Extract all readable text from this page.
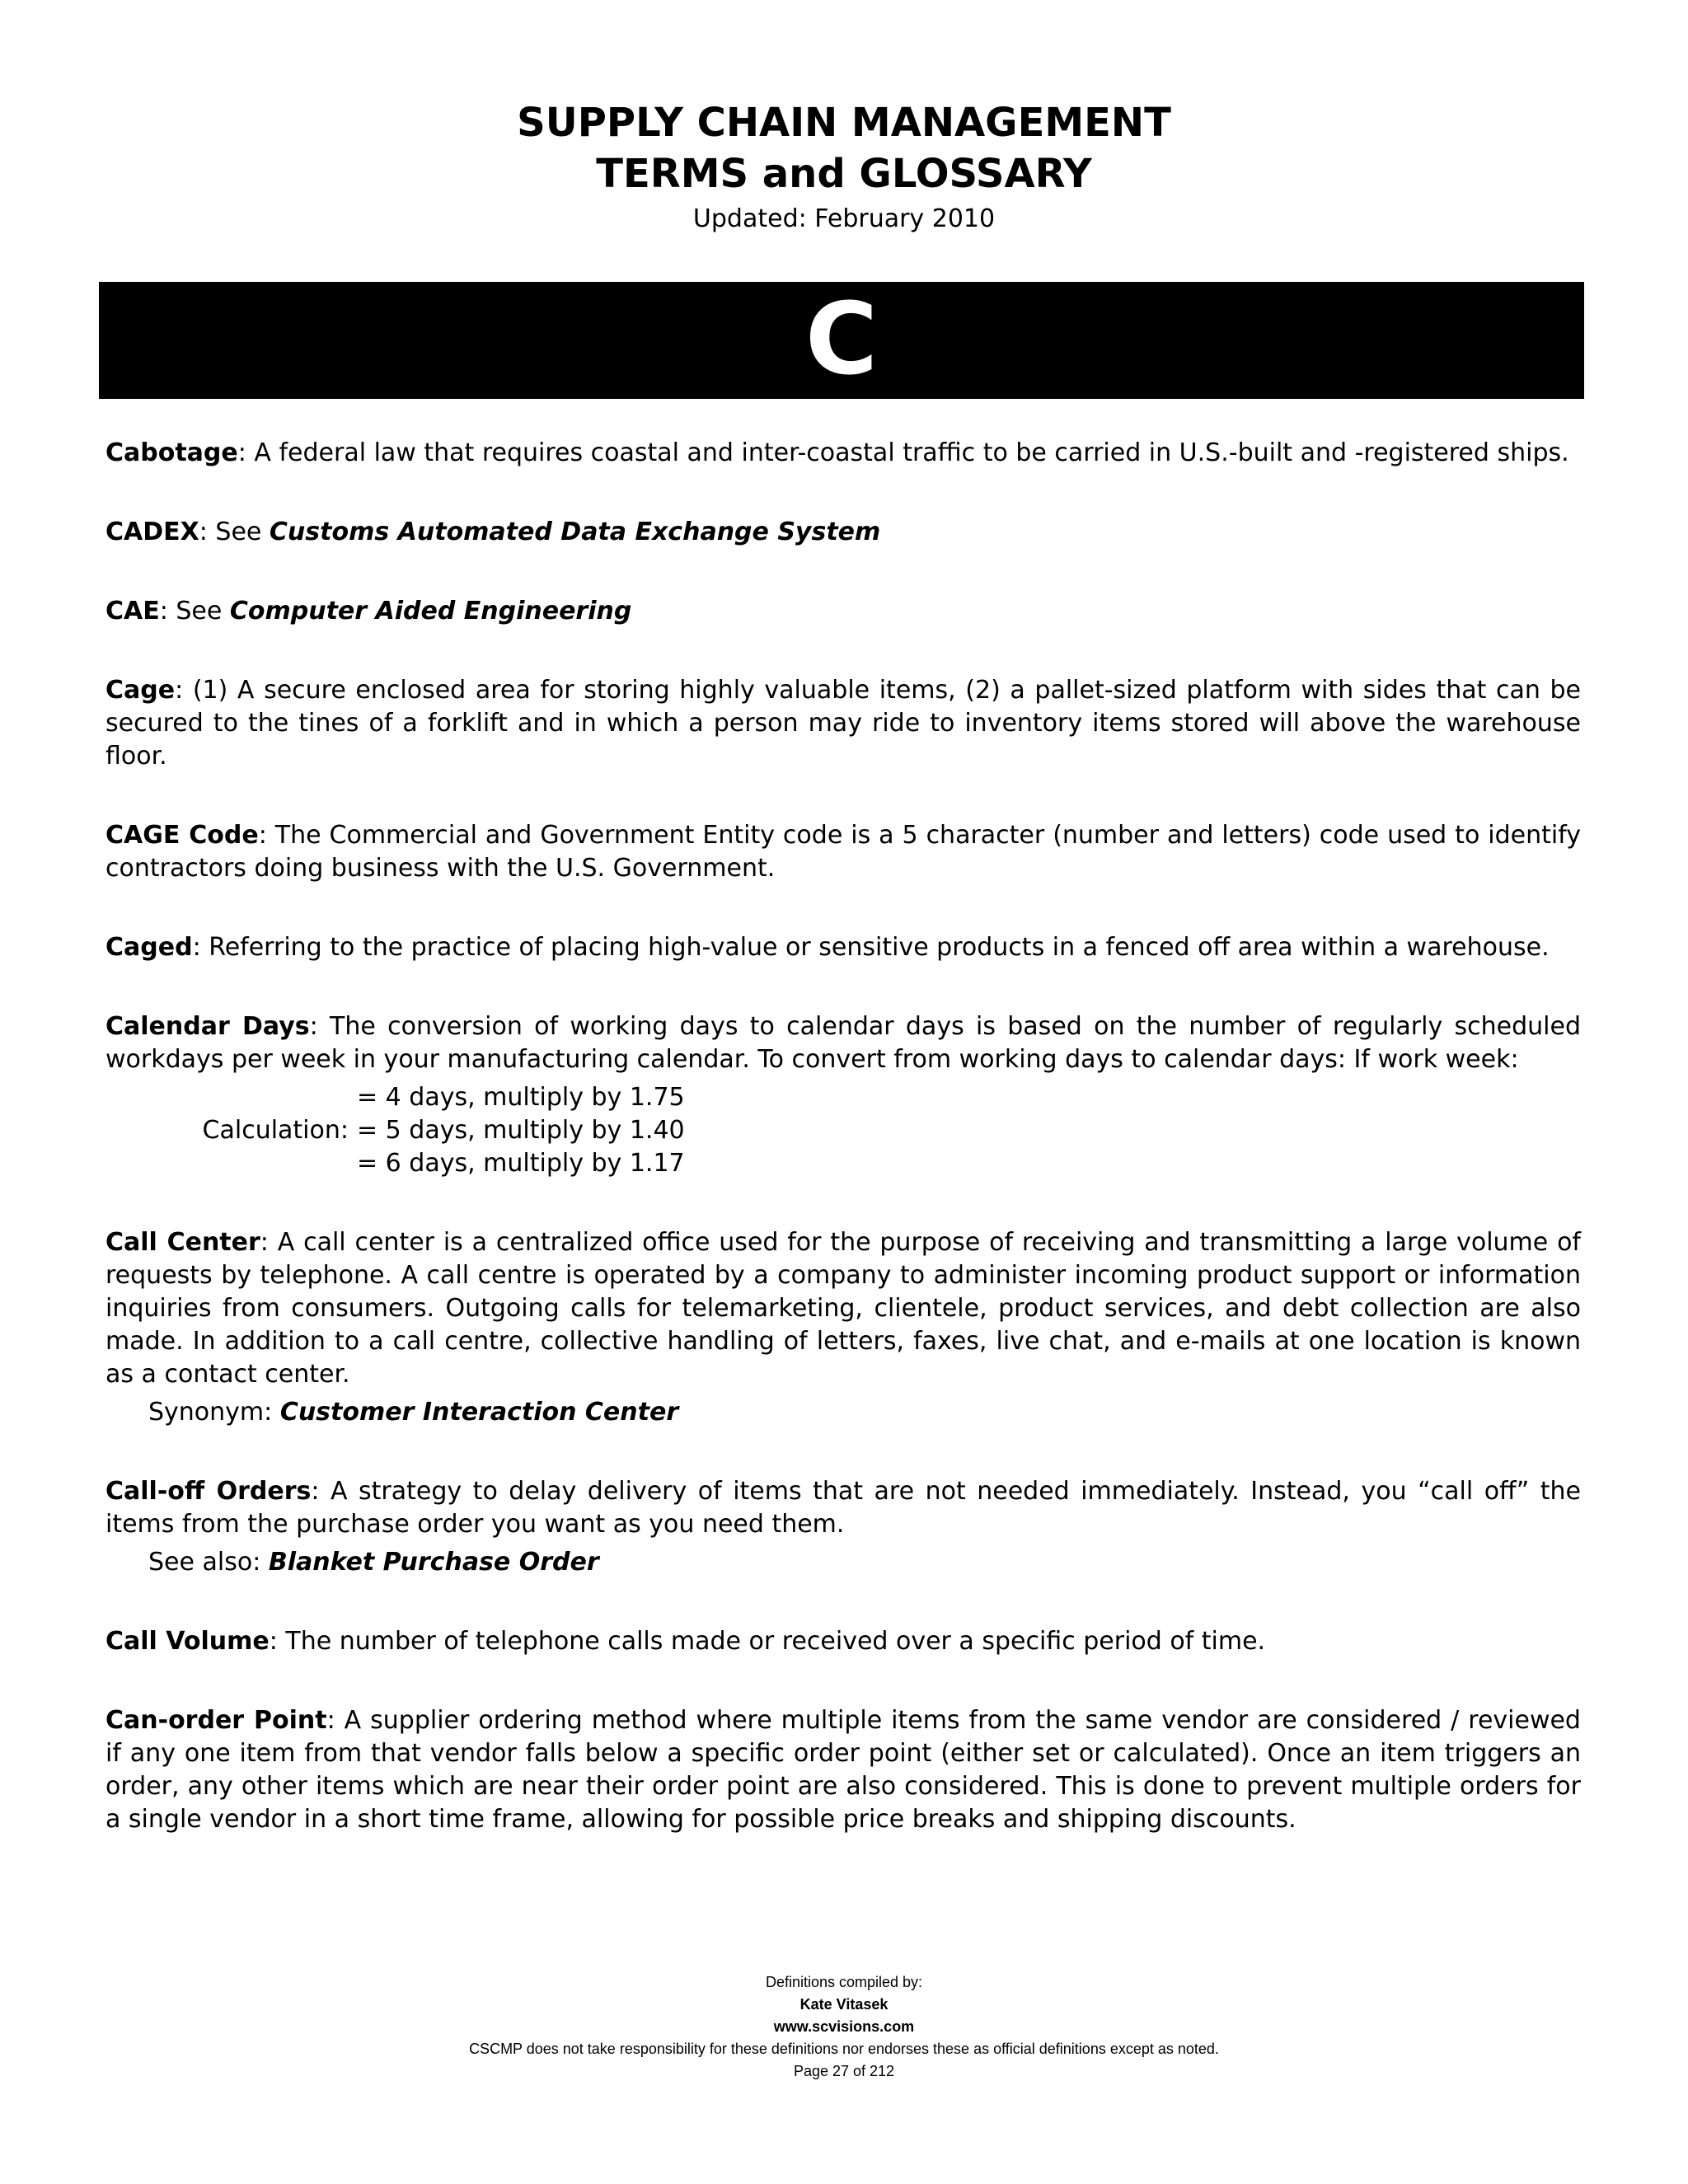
SUPPLY CHAIN MANAGEMENT
TERMS and GLOSSARY
Updated: February 2010
C
Cabotage: A federal law that requires coastal and inter-coastal traffic to be carried in U.S.-built and -registered ships.
CADEX: See Customs Automated Data Exchange System
CAE: See Computer Aided Engineering
Cage: (1) A secure enclosed area for storing highly valuable items, (2) a pallet-sized platform with sides that can be secured to the tines of a forklift and in which a person may ride to inventory items stored will above the warehouse floor.
CAGE Code: The Commercial and Government Entity code is a 5 character (number and letters) code used to identify contractors doing business with the U.S. Government.
Caged: Referring to the practice of placing high-value or sensitive products in a fenced off area within a warehouse.
Calendar Days: The conversion of working days to calendar days is based on the number of regularly scheduled workdays per week in your manufacturing calendar. To convert from working days to calendar days: If work week:
Calculation:
= 4 days, multiply by 1.75
= 5 days, multiply by 1.40
= 6 days, multiply by 1.17
Call Center: A call center is a centralized office used for the purpose of receiving and transmitting a large volume of requests by telephone. A call centre is operated by a company to administer incoming product support or information inquiries from consumers. Outgoing calls for telemarketing, clientele, product services, and debt collection are also made. In addition to a call centre, collective handling of letters, faxes, live chat, and e-mails at one location is known as a contact center.
Synonym: Customer Interaction Center
Call-off Orders: A strategy to delay delivery of items that are not needed immediately. Instead, you “call off” the items from the purchase order you want as you need them.
See also: Blanket Purchase Order
Call Volume: The number of telephone calls made or received over a specific period of time.
Can-order Point: A supplier ordering method where multiple items from the same vendor are considered / reviewed if any one item from that vendor falls below a specific order point (either set or calculated). Once an item triggers an order, any other items which are near their order point are also considered. This is done to prevent multiple orders for a single vendor in a short time frame, allowing for possible price breaks and shipping discounts.
Definitions compiled by:
Kate Vitasek
www.scvisions.com
CSCMP does not take responsibility for these definitions nor endorses these as official definitions except as noted.
Page 27 of 212
